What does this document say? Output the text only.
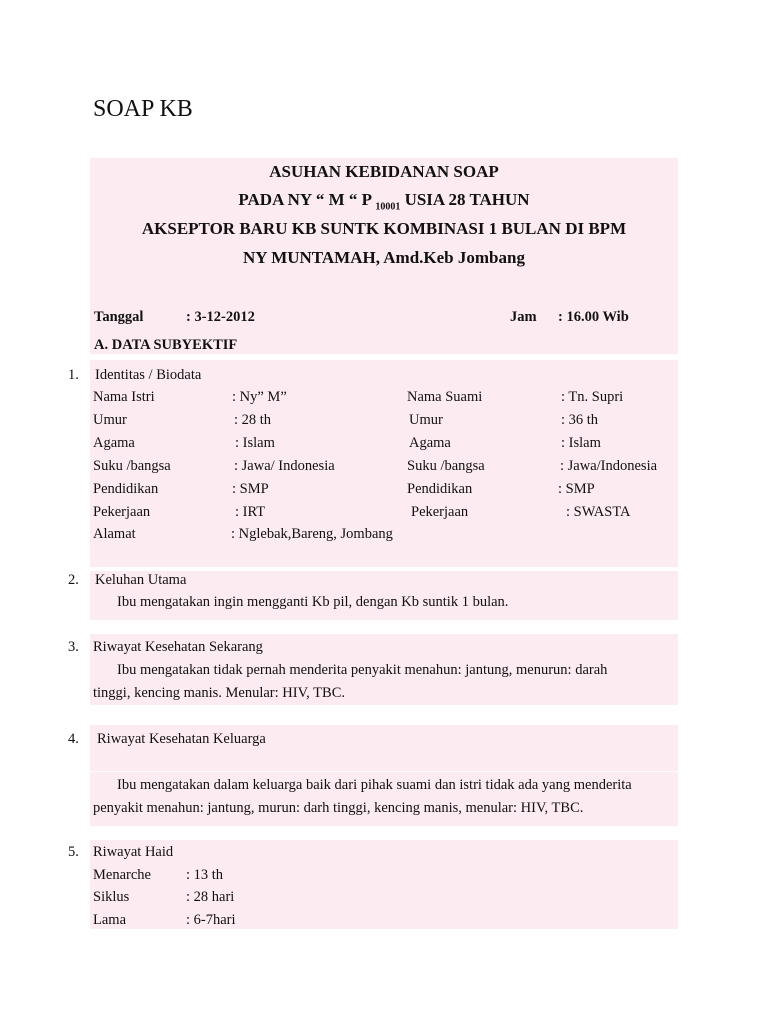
SOAP KB
ASUHAN KEBIDANAN SOAP
PADA NY “ M “ P $_{10001}$ USIA 28 TAHUN
AKSEPTOR BARU KB SUNTK KOMBINASI 1 BULAN DI BPM
NY MUNTAMAH, Amd.Keb Jombang
Tanggal	: 3-12-2012	Jam : 16.00 Wib
A. DATA SUBYEKTIF
1. Identitas / Biodata
Nama Istri	: Ny” M”	Nama Suami	: Tn. Supri
Umur	: 28 th	Umur	: 36 th
Agama	: Islam	Agama	: Islam
Suku /bangsa	: Jawa/ Indonesia	Suku /bangsa	: Jawa/Indonesia
Pendidikan	: SMP	Pendidikan	: SMP
Pekerjaan	: IRT	Pekerjaan	: SWASTA
Alamat	: Nglebak,Bareng, Jombang
2. Keluhan Utama
Ibu mengatakan ingin mengganti Kb pil, dengan Kb suntik 1 bulan.
3. Riwayat Kesehatan Sekarang
Ibu mengatakan tidak pernah menderita penyakit menahun: jantung, menurun: darah
tinggi, kencing manis. Menular: HIV, TBC.
4. Riwayat Kesehatan Keluarga
Ibu mengatakan dalam keluarga baik dari pihak suami dan istri tidak ada yang menderita
penyakit menahun: jantung, murun: darh tinggi, kencing manis, menular: HIV, TBC.
5. Riwayat Haid
Menarche : 13 th
Siklus	: 28 hari
Lama	: 6-7hari
